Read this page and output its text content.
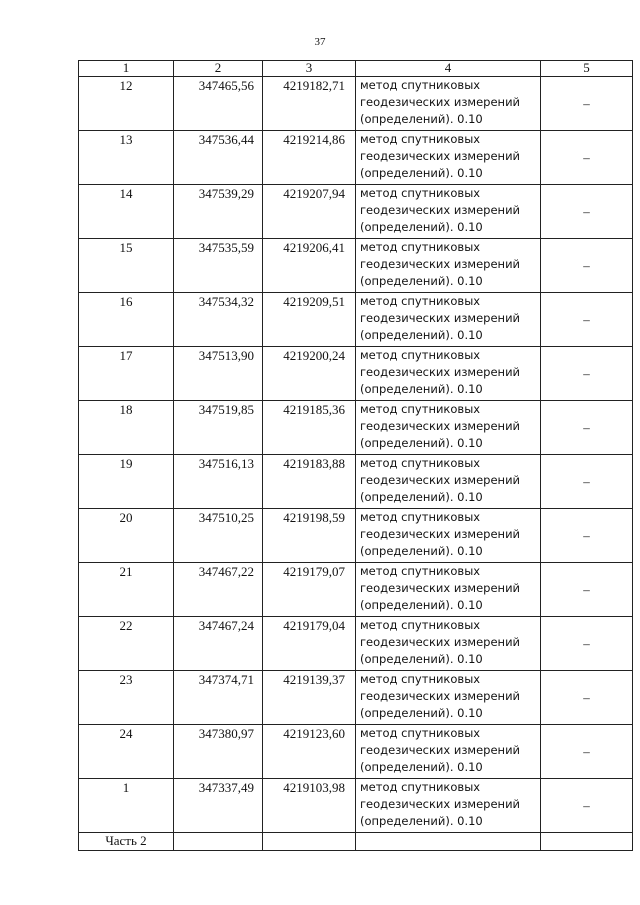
37
1	2	3	4	5
12	347465,56	4219182,71	метод спутниковых
геодезических измерений
(определений). 0.10	–
13	347536,44	4219214,86	метод спутниковых
геодезических измерений
(определений). 0.10	–
14	347539,29	4219207,94	метод спутниковых
геодезических измерений
(определений). 0.10	–
15	347535,59	4219206,41	метод спутниковых
геодезических измерений
(определений). 0.10	–
16	347534,32	4219209,51	метод спутниковых
геодезических измерений
(определений). 0.10	–
17	347513,90	4219200,24	метод спутниковых
геодезических измерений
(определений). 0.10	–
18	347519,85	4219185,36	метод спутниковых
геодезических измерений
(определений). 0.10	–
19	347516,13	4219183,88	метод спутниковых
геодезических измерений
(определений). 0.10	–
20	347510,25	4219198,59	метод спутниковых
геодезических измерений
(определений). 0.10	–
21	347467,22	4219179,07	метод спутниковых
геодезических измерений
(определений). 0.10	–
22	347467,24	4219179,04	метод спутниковых
геодезических измерений
(определений). 0.10	–
23	347374,71	4219139,37	метод спутниковых
геодезических измерений
(определений). 0.10	–
24	347380,97	4219123,60	метод спутниковых
геодезических измерений
(определений). 0.10	–
1	347337,49	4219103,98	метод спутниковых
геодезических измерений
(определений). 0.10	–
Часть 2				
